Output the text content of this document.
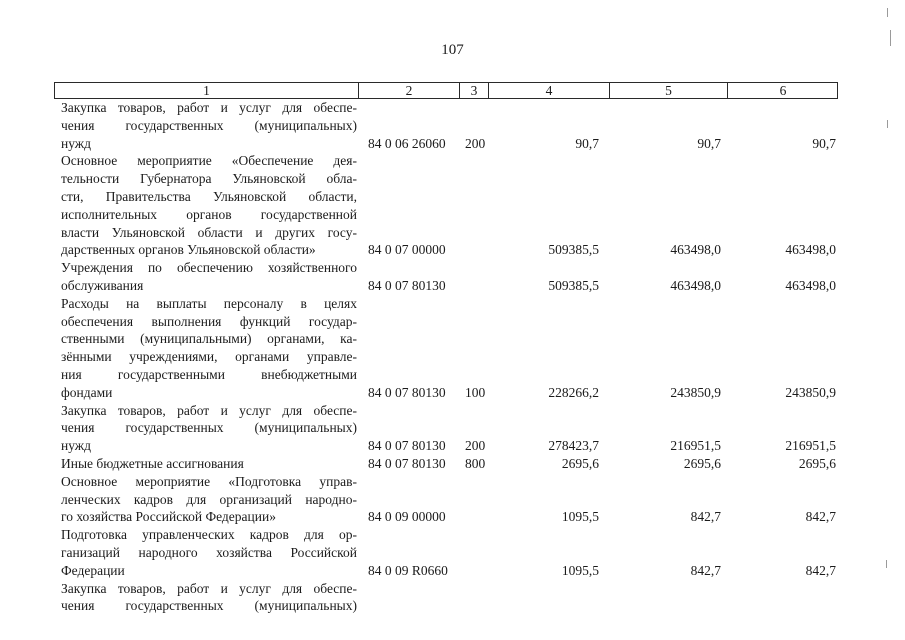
107
1	2	3	4	5	6
Закупка товаров, работ и услуг для обеспе-
чения государственных (муниципальных)
нужд	84 0 06 26060 200	90,7	90,7	90,7
Основное мероприятие «Обеспечение дея-
тельности Губернатора Ульяновской обла-
сти, Правительства Ульяновской области,
исполнительных органов государственной
власти Ульяновской области и других госу-
дарственных органов Ульяновской области»	84 0 07 00000	509385,5	463498,0	463498,0
Учреждения по обеспечению хозяйственного
обслуживания	84 0 07 80130	509385,5	463498,0	463498,0
Расходы на выплаты персоналу в целях
обеспечения выполнения функций государ-
ственными (муниципальными) органами, ка-
зёнными учреждениями, органами управле-
ния государственными внебюджетными
фондами	84 0 07 80130 100	228266,2	243850,9	243850,9
Закупка товаров, работ и услуг для обеспе-
чения государственных (муниципальных)
нужд	84 0 07 80130 200	278423,7	216951,5	216951,5
Иные бюджетные ассигнования	84 0 07 80130 800	2695,6	2695,6	2695,6
Основное мероприятие «Подготовка управ-
ленческих кадров для организаций народно-
го хозяйства Российской Федерации»	84 0 09 00000	1095,5	842,7	842,7
Подготовка управленческих кадров для ор-
ганизаций народного хозяйства Российской
Федерации	84 0 09 R0660	1095,5	842,7	842,7
Закупка товаров, работ и услуг для обеспе-
чения государственных (муниципальных)
